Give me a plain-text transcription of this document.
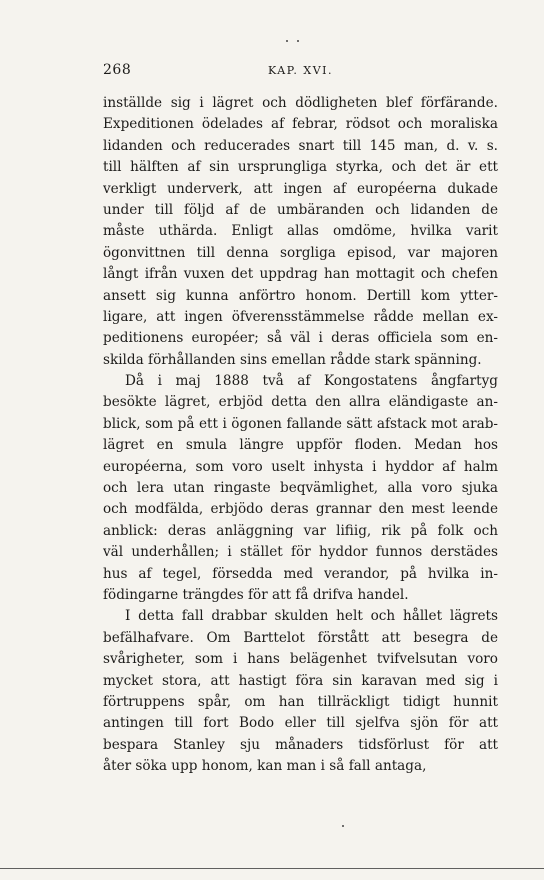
268	KAP. XVI.
inställde sig i lägret och dödligheten blef förfärande.
Expeditionen ödelades af febrar, rödsot och moraliska
lidanden och reducerades snart till 145 man, d. v. s.
till hälften af sin ursprungliga styrka, och det är ett
verkligt underverk, att ingen af européerna dukade
under till följd af de umbäranden och lidanden de
måste uthärda. Enligt allas omdöme, hvilka varit
ögonvittnen till denna sorgliga episod, var majoren
långt ifrån vuxen det uppdrag han mottagit och chefen
ansett sig kunna anförtro honom. Dertill kom ytter-
ligare, att ingen öfverensstämmelse rådde mellan ex-
peditionens européer; så väl i deras officiela som en-
skilda förhållanden sins emellan rådde stark spänning.
Då i maj 1888 två af Kongostatens ångfartyg
besökte lägret, erbjöd detta den allra eländigaste an-
blick, som på ett i ögonen fallande sätt afstack mot arab-
lägret en smula längre uppför floden. Medan hos
européerna, som voro uselt inhysta i hyddor af halm
och lera utan ringaste beqvämlighet, alla voro sjuka
och modfälda, erbjödo deras grannar den mest leende
anblick: deras anläggning var lifiig, rik på folk och
väl underhållen; i stället för hyddor funnos derstädes
hus af tegel, försedda med verandor, på hvilka in-
födingarne trängdes för att få drifva handel.
I detta fall drabbar skulden helt och hållet lägrets
befälhafvare. Om Barttelot förstått att besegra de
svårigheter, som i hans belägenhet tvifvelsutan voro
mycket stora, att hastigt föra sin karavan med sig i
förtruppens spår, om han tillräckligt tidigt hunnit
antingen till fort Bodo eller till sjelfva sjön för att
bespara Stanley sju månaders tidsförlust för att
åter söka upp honom, kan man i så fall antaga,
